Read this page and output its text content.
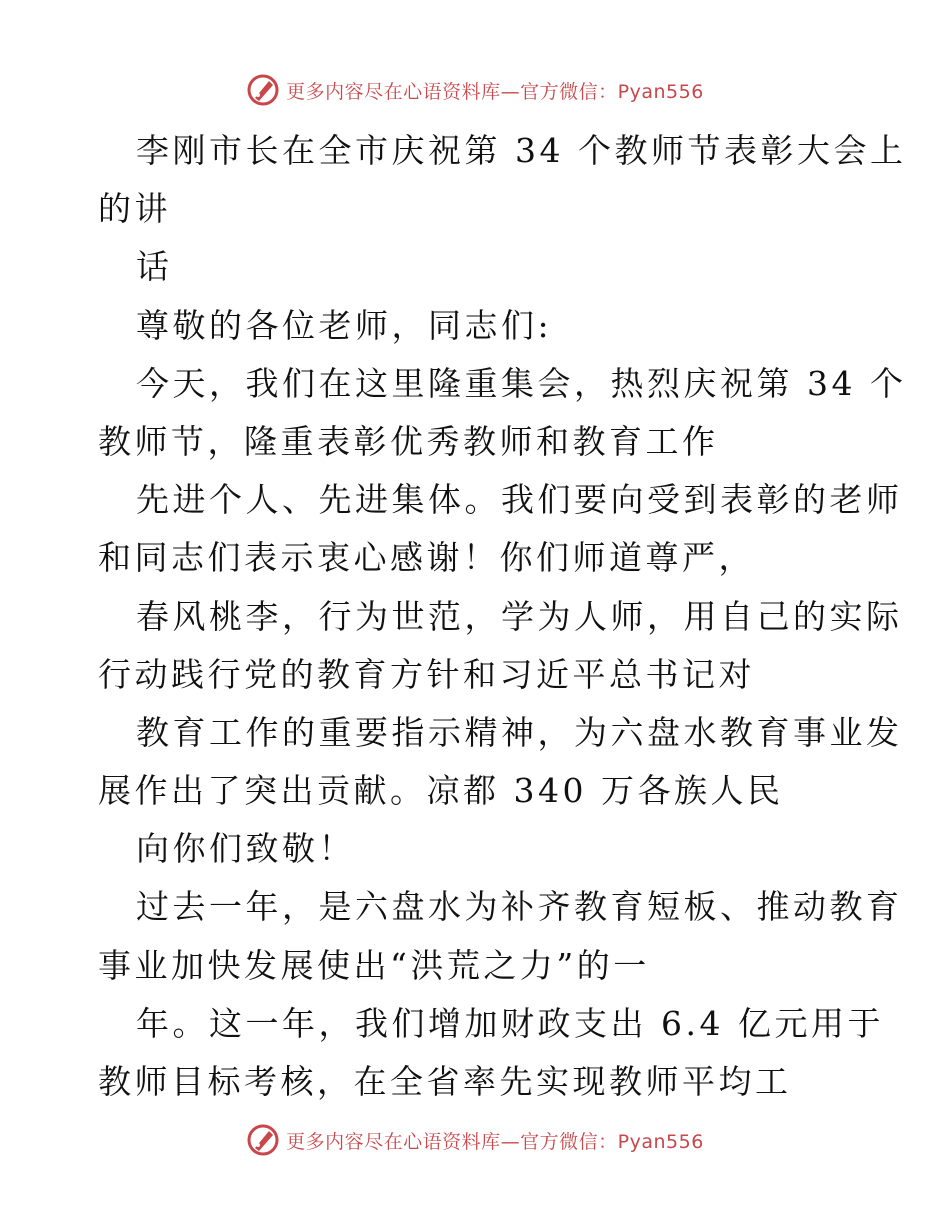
更多内容尽在心语资料库—官方微信：Pyan556
李刚市长在全市庆祝第 34 个教师节表彰大会上
的讲
话
尊敬的各位老师，同志们:
今天，我们在这里隆重集会，热烈庆祝第 34 个
教师节，隆重表彰优秀教师和教育工作
先进个人、先进集体。我们要向受到表彰的老师
和同志们表示衷心感谢！你们师道尊严，
春风桃李，行为世范，学为人师，用自己的实际
行动践行党的教育方针和习近平总书记对
教育工作的重要指示精神，为六盘水教育事业发
展作出了突出贡献。凉都 340 万各族人民
向你们致敬！
过去一年，是六盘水为补齐教育短板、推动教育
事业加快发展使出“洪荒之力”的一
年。这一年，我们增加财政支出 6.4 亿元用于
教师目标考核，在全省率先实现教师平均工
更多内容尽在心语资料库—官方微信：Pyan556
